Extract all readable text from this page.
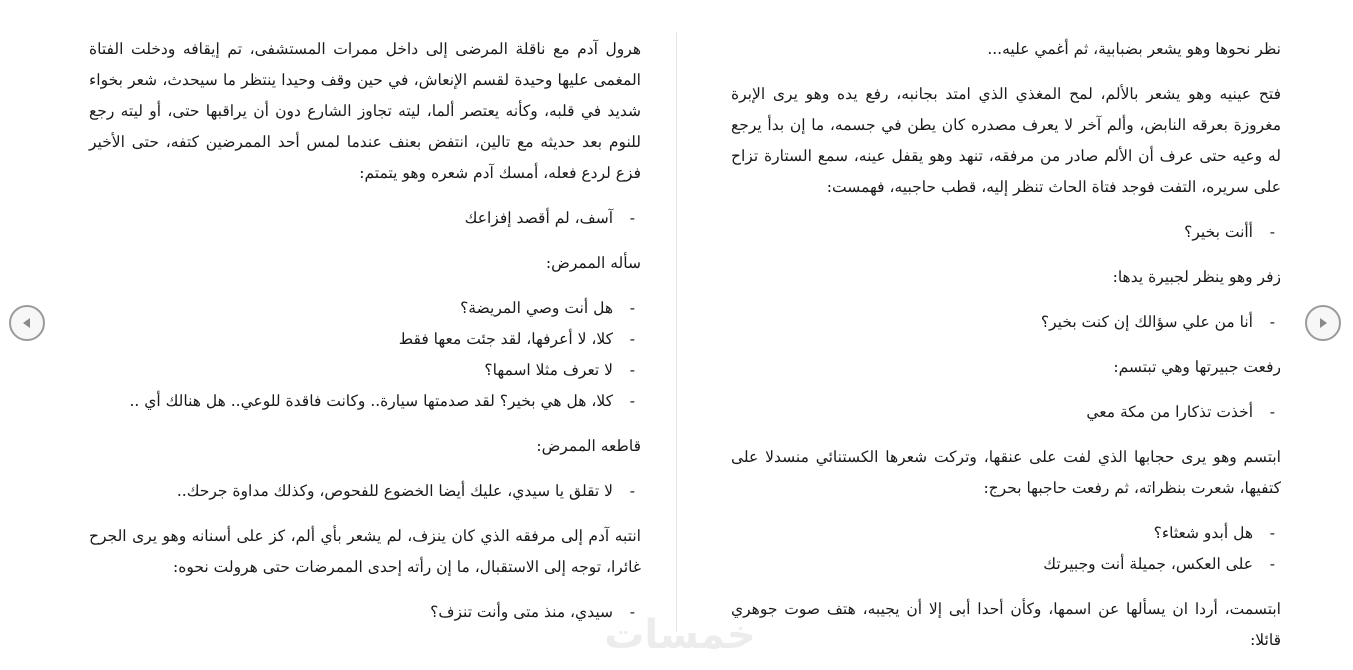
نظر نحوها وهو يشعر بضبابية، ثم أغمي عليه...

فتح عينيه وهو يشعر بالألم، لمح المغذي الذي امتد بجانبه، رفع يده وهو يرى الإبرة مغروزة بعرقه النابض، وألم آخر لا يعرف مصدره كان يطن في جسمه، ما إن بدأ يرجع له وعيه حتى عرف أن الألم صادر من مرفقه، تنهد وهو يقفل عينه، سمع الستارة تزاح على سريره، التفت فوجد فتاة الحاث تنظر إليه، قطب حاجبيه، فهمست:

- أأنت بخير؟

زفر وهو ينظر لجبيرة يدها:

- أنا من علي سؤالك إن كنت بخير؟

رفعت جبيرتها وهي تبتسم:

- أخذت تذكارا من مكة معي

ابتسم وهو يرى حجابها الذي لفت على عنقها، وتركت شعرها الكستنائي منسدلا على كتفيها، شعرت بنظراته، ثم رفعت حاجبها بحرج:

- هل أبدو شعثاء؟
- على العكس، جميلة أنت وجبيرتك

ابتسمت، أردا ان يسألها عن اسمها، وكأن أحدا أبى إلا أن يجيبه، هتف صوت جوهري قائلا:

هرول آدم مع ناقلة المرضى إلى داخل ممرات المستشفى، تم إيقافه ودخلت الفتاة المغمى عليها وحيدة لقسم الإنعاش، في حين وقف وحيدا ينتظر ما سيحدث، شعر بخواء شديد في قلبه، وكأنه يعتصر ألما، ليته تجاوز الشارع دون أن يراقبها حتى، أو ليته رجع للنوم بعد حديثه مع تالين، انتفض بعنف عندما لمس أحد الممرضين كتفه، حتى الأخير فزع لردع فعله، أمسك آدم شعره وهو يتمتم:

- آسف، لم أقصد إفزاعك

سأله الممرض:

- هل أنت وصي المريضة؟
- كلا، لا أعرفها، لقد جئت معها فقط
- لا تعرف مثلا اسمها؟
- كلا، هل هي بخير؟ لقد صدمتها سيارة.. وكانت فاقدة للوعي.. هل هنالك أي ..

قاطعه الممرض:

- لا تقلق يا سيدي، عليك أيضا الخضوع للفحوص، وكذلك مداوة جرحك..

انتبه آدم إلى مرفقه الذي كان ينزف، لم يشعر بأي ألم، كز على أسنانه وهو يرى الجرح غائرا، توجه إلى الاستقبال، ما إن رأته إحدى الممرضات حتى هرولت نحوه:

- سيدي، منذ متى وأنت تنزف؟
خمسات
